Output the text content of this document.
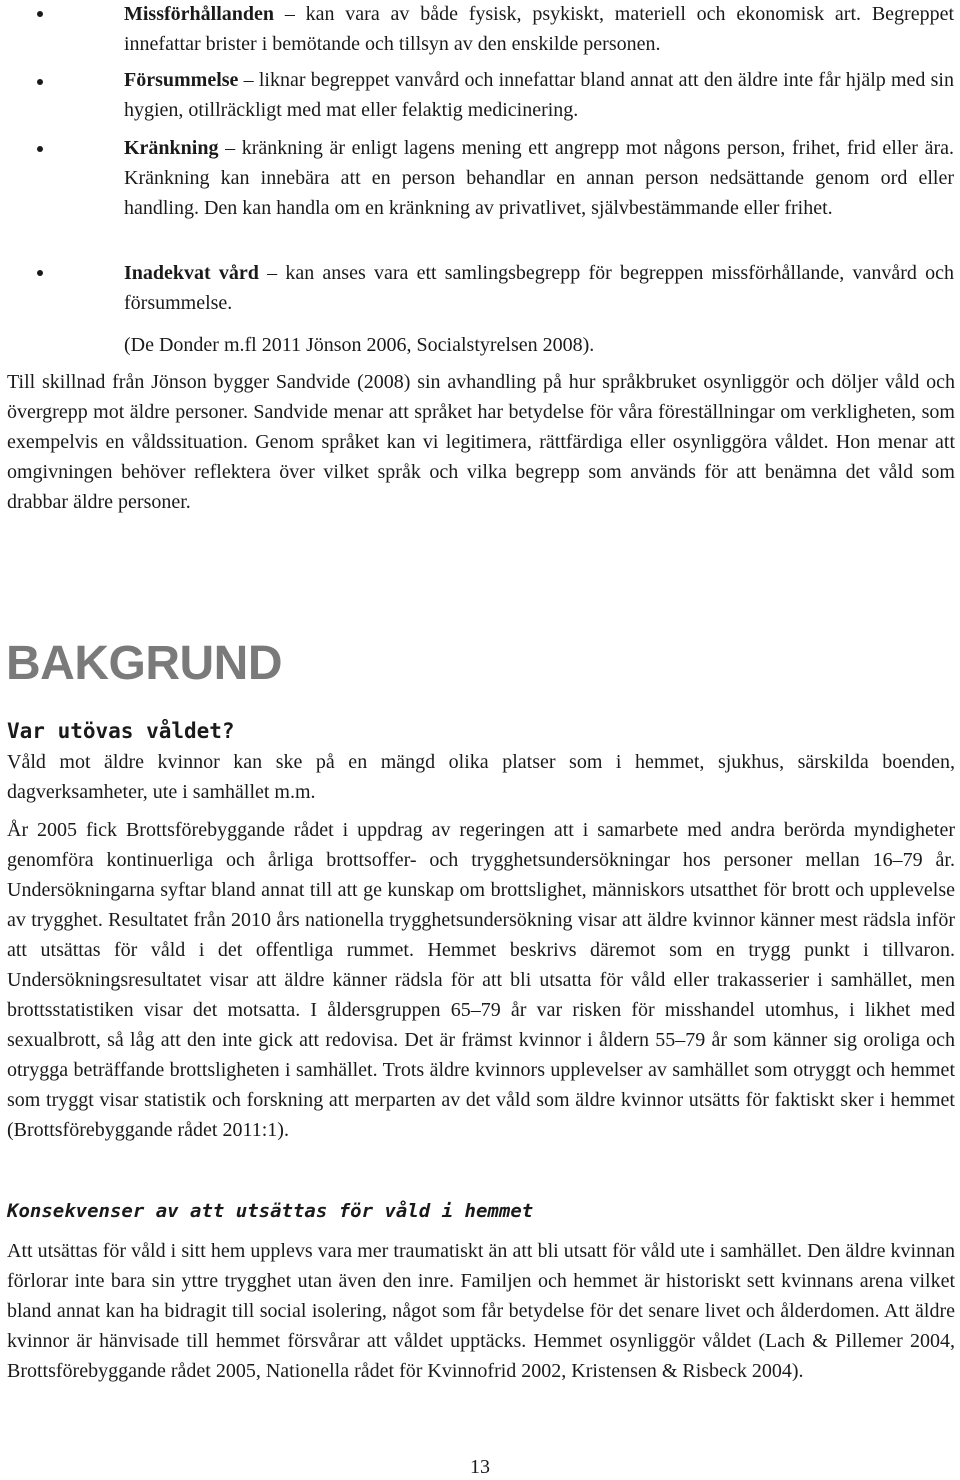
Missförhållanden – kan vara av både fysisk, psykiskt, materiell och ekonomisk art. Begreppet innefattar brister i bemötande och tillsyn av den enskilde personen.
Försummelse – liknar begreppet vanvård och innefattar bland annat att den äldre inte får hjälp med sin hygien, otillräckligt med mat eller felaktig medicinering.
Kränkning – kränkning är enligt lagens mening ett angrepp mot någons person, frihet, frid eller ära. Kränkning kan innebära att en person behandlar en annan person nedsättande genom ord eller handling. Den kan handla om en kränkning av privatlivet, självbestämmande eller frihet.
Inadekvat vård – kan anses vara ett samlingsbegrepp för begreppen missförhållande, vanvård och försummelse.
(De Donder m.fl 2011 Jönson 2006, Socialstyrelsen 2008).

Till skillnad från Jönson bygger Sandvide (2008) sin avhandling på hur språkbruket osynliggör och döljer våld och övergrepp mot äldre personer. Sandvide menar att språket har betydelse för våra föreställningar om verkligheten, som exempelvis en våldssituation. Genom språket kan vi legitimera, rättfärdiga eller osynliggöra våldet. Hon menar att omgivningen behöver reflektera över vilket språk och vilka begrepp som används för att benämna det våld som drabbar äldre personer.

BAKGRUND
Var utövas våldet?

Våld mot äldre kvinnor kan ske på en mängd olika platser som i hemmet, sjukhus, särskilda boenden, dagverksamheter, ute i samhället m.m.

År 2005 fick Brottsförebyggande rådet i uppdrag av regeringen att i samarbete med andra berörda myndigheter genomföra kontinuerliga och årliga brottsoffer- och trygghetsundersökningar hos personer mellan 16–79 år. Undersökningarna syftar bland annat till att ge kunskap om brottslighet, människors utsatthet för brott och upplevelse av trygghet. Resultatet från 2010 års nationella trygghetsundersökning visar att äldre kvinnor känner mest rädsla inför att utsättas för våld i det offentliga rummet. Hemmet beskrivs däremot som en trygg punkt i tillvaron. Undersökningsresultatet visar att äldre känner rädsla för att bli utsatta för våld eller trakasserier i samhället, men brottsstatistiken visar det motsatta. I åldersgruppen 65–79 år var risken för misshandel utomhus, i likhet med sexualbrott, så låg att den inte gick att redovisa. Det är främst kvinnor i åldern 55–79 år som känner sig oroliga och otrygga beträffande brottsligheten i samhället. Trots äldre kvinnors upplevelser av samhället som otryggt och hemmet som tryggt visar statistik och forskning att merparten av det våld som äldre kvinnor utsätts för faktiskt sker i hemmet (Brottsförebyggande rådet 2011:1).

Konsekvenser av att utsättas för våld i hemmet

Att utsättas för våld i sitt hem upplevs vara mer traumatiskt än att bli utsatt för våld ute i samhället. Den äldre kvinnan förlorar inte bara sin yttre trygghet utan även den inre. Familjen och hemmet är historiskt sett kvinnans arena vilket bland annat kan ha bidragit till social isolering, något som får betydelse för det senare livet och ålderdomen. Att äldre kvinnor är hänvisade till hemmet försvårar att våldet upptäcks. Hemmet osynliggör våldet (Lach & Pillemer 2004, Brottsförebyggande rådet 2005, Nationella rådet för Kvinnofrid 2002, Kristensen & Risbeck 2004).

13
